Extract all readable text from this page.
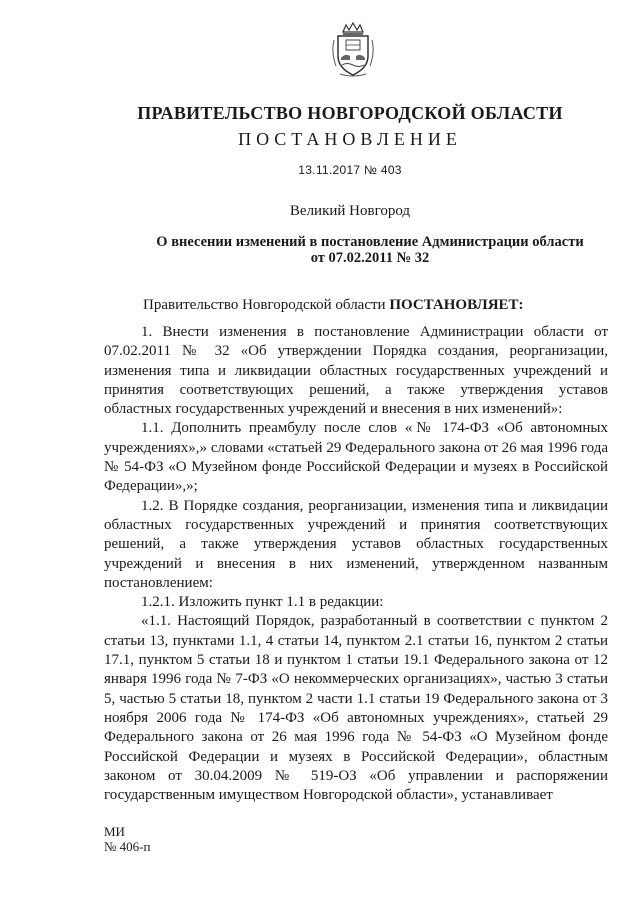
ПРАВИТЕЛЬСТВО НОВГОРОДСКОЙ ОБЛАСТИ
ПОСТАНОВЛЕНИЕ
13.11.2017 № 403
Великий Новгород
О внесении изменений в постановление Администрации области
от 07.02.2011 № 32
Правительство Новгородской области ПОСТАНОВЛЯЕТ:

1. Внести изменения в постановление Администрации области от 07.02.2011 № 32 «Об утверждении Порядка создания, реорганизации, изменения типа и ликвидации областных государственных учреждений и принятия соответствующих решений, а также утверждения уставов областных государственных учреждений и внесения в них изменений»:

1.1. Дополнить преамбулу после слов «№ 174-ФЗ «Об автономных учреждениях»,» словами «статьей 29 Федерального закона от 26 мая 1996 года № 54-ФЗ «О Музейном фонде Российской Федерации и музеях в Российской Федерации»,»;

1.2. В Порядке создания, реорганизации, изменения типа и ликвидации областных государственных учреждений и принятия соответствующих решений, а также утверждения уставов областных государственных учреждений и внесения в них изменений, утвержденном названным постановлением:

1.2.1. Изложить пункт 1.1 в редакции:

«1.1. Настоящий Порядок, разработанный в соответствии с пунктом 2 статьи 13, пунктами 1.1, 4 статьи 14, пунктом 2.1 статьи 16, пунктом 2 статьи 17.1, пунктом 5 статьи 18 и пунктом 1 статьи 19.1 Федерального закона от 12 января 1996 года № 7-ФЗ «О некоммерческих организациях», частью 3 статьи 5, частью 5 статьи 18, пунктом 2 части 1.1 статьи 19 Федерального закона от 3 ноября 2006 года № 174-ФЗ «Об автономных учреждениях», статьей 29 Федерального закона от 26 мая 1996 года № 54-ФЗ «О Музейном фонде Российской Федерации и музеях в Российской Федерации», областным законом от 30.04.2009 № 519-ОЗ «Об управлении и распоряжении государственным имуществом Новгородской области», устанавливает

МИ
№ 406-п
